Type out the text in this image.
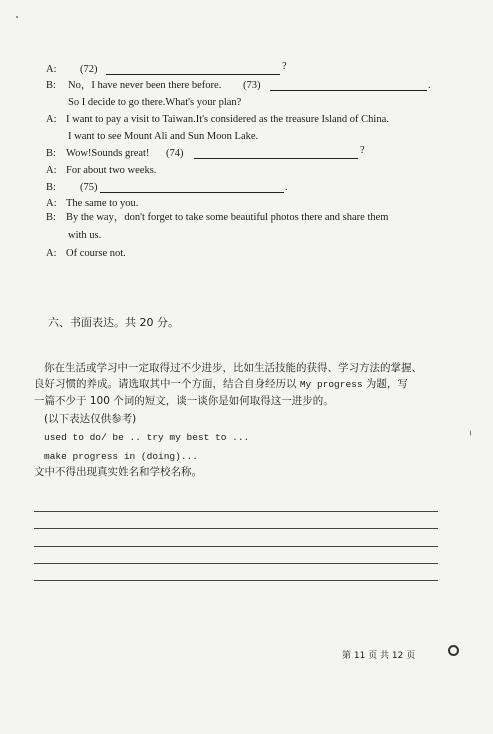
A:	(72)	?
B:	No，I have never been there before. (73)	.
So I decide to go there.What's your plan?
A: I want to pay a visit to Taiwan.It's considered as the treasure Island of China.
I want to see Mount Ali and Sun Moon Lake.
B: Wow!Sounds great! (74)	?
A: For about two weeks.
B:	(75)	.
A: The same to you.
B: By the way，don't forget to take some beautiful photos there and share them
with us.
A: Of course not.
六、书面表达。共 20 分。
你在生活或学习中一定取得过不少进步，比如生活技能的获得、学习方法的掌握、
良好习惯的养成。请选取其中一个方面，结合自身经历以 My progress 为题，写
一篇不少于 100 个词的短文，谈一谈你是如何取得这一进步的。
(以下表达仅供参考)
used to do/ be .. try my best to ...
make progress in (doing)...
文中不得出现真实姓名和学校名称。
第 11 页 共 12 页
